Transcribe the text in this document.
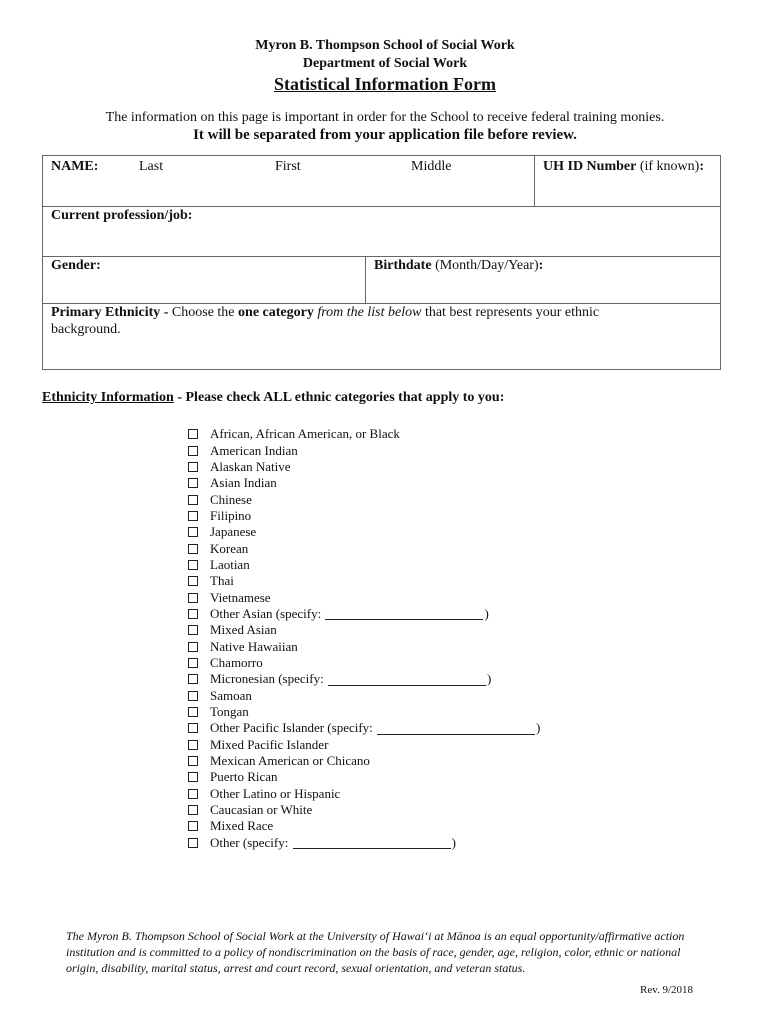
Myron B. Thompson School of Social Work
Department of Social Work
Statistical Information Form
The information on this page is important in order for the School to receive federal training monies.
It will be separated from your application file before review.
NAME:	Last	First	Middle	UH ID Number (if known):
Current profession/job:
Gender:	Birthdate (Month/Day/Year):
Primary Ethnicity - Choose the one category from the list below that best represents your ethnic
background.
Ethnicity Information - Please check ALL ethnic categories that apply to you:
African, African American, or Black
American Indian
Alaskan Native
Asian Indian
Chinese
Filipino
Japanese
Korean
Laotian
Thai
Vietnamese
Other Asian (specify:
	)
Mixed Asian
Native Hawaiian
Chamorro
Micronesian (specify:
	)
Samoan
Tongan
Other Pacific Islander (specify:
	)
Mixed Pacific Islander
Mexican American or Chicano
Puerto Rican
Other Latino or Hispanic
Caucasian or White
Mixed Race
Other (specify:
	)
The Myron B. Thompson School of Social Work at the University of Hawaiʻi at Mānoa is an equal opportunity/affirmative action institution and is committed to a policy of nondiscrimination on the basis of race, gender, age, religion, color, ethnic or national origin, disability, marital status, arrest and court record, sexual orientation, and veteran status.
Rev. 9/2018
